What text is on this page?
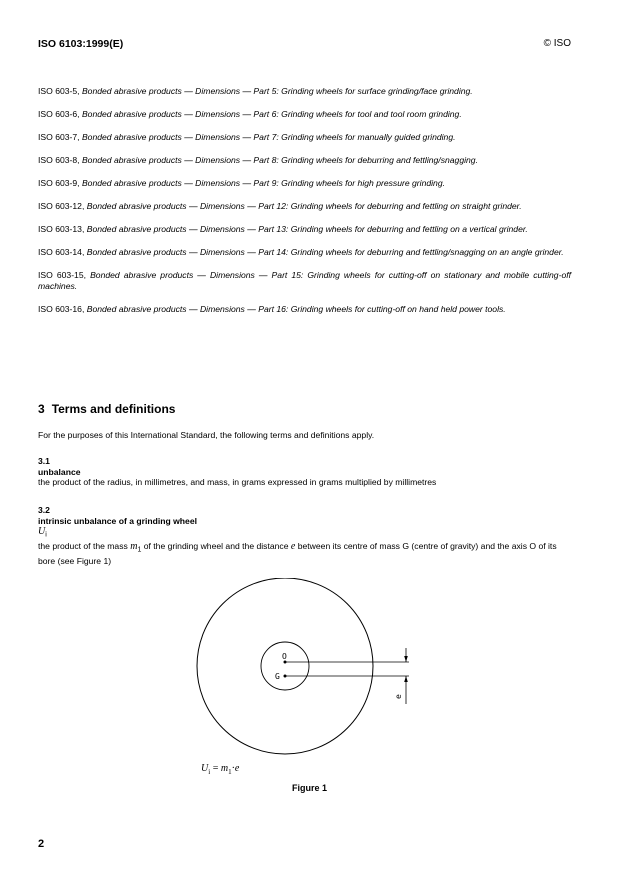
ISO 6103:1999(E)	© ISO

ISO 603-5, Bonded abrasive products — Dimensions — Part 5: Grinding wheels for surface grinding/face grinding.

ISO 603-6, Bonded abrasive products — Dimensions — Part 6: Grinding wheels for tool and tool room grinding.

ISO 603-7, Bonded abrasive products — Dimensions — Part 7: Grinding wheels for manually guided grinding.

ISO 603-8, Bonded abrasive products — Dimensions — Part 8: Grinding wheels for deburring and fettling/snagging.

ISO 603-9, Bonded abrasive products — Dimensions — Part 9: Grinding wheels for high pressure grinding.

ISO 603-12, Bonded abrasive products — Dimensions — Part 12: Grinding wheels for deburring and fettling on straight grinder.

ISO 603-13, Bonded abrasive products — Dimensions — Part 13: Grinding wheels for deburring and fettling on a vertical grinder.

ISO 603-14, Bonded abrasive products — Dimensions — Part 14: Grinding wheels for deburring and fettling/snagging on an angle grinder.

ISO 603-15, Bonded abrasive products — Dimensions — Part 15: Grinding wheels for cutting-off on stationary and mobile cutting-off machines.

ISO 603-16, Bonded abrasive products — Dimensions — Part 16: Grinding wheels for cutting-off on hand held power tools.

3 Terms and definitions
For the purposes of this International Standard, the following terms and definitions apply.
3.1
unbalance
the product of the radius, in millimetres, and mass, in grams expressed in grams multiplied by millimetres
3.2
intrinsic unbalance of a grinding wheel
$U_i$
the product of the mass $m_1$ of the grinding wheel and the distance e between its centre of mass G (centre of gravity) and the axis O of its bore (see Figure 1)
O
G
e
$U_i = m_1\cdot e$
Figure 1
2
